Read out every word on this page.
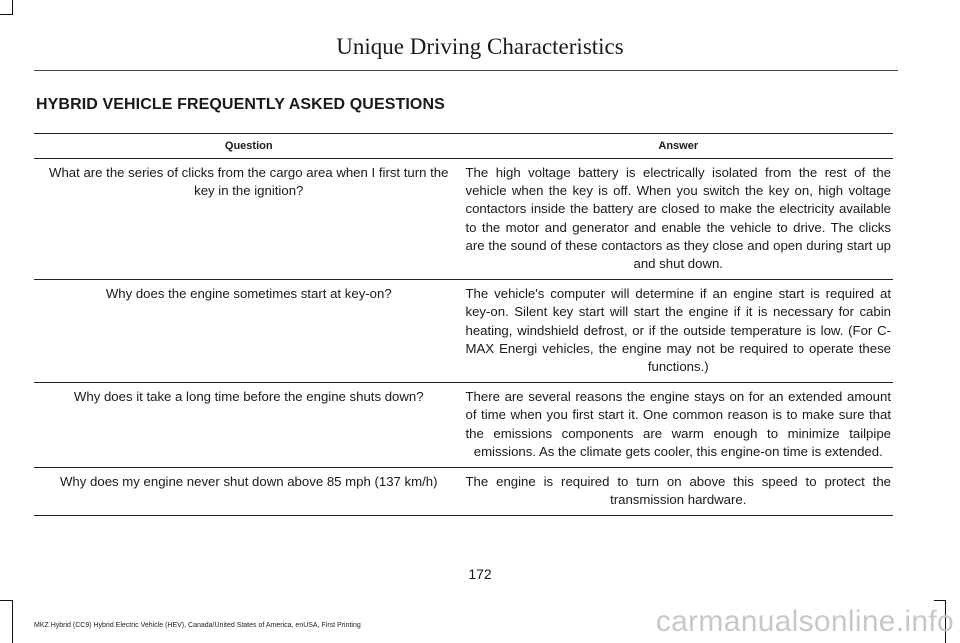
Unique Driving Characteristics
HYBRID VEHICLE FREQUENTLY ASKED QUESTIONS
Question	Answer
What are the series of clicks from the cargo area when I first turn the key in the ignition?	The high voltage battery is electrically isolated from the rest of the vehicle when the key is off. When you switch the key on, high voltage contactors inside the battery are closed to make the electricity available to the motor and generator and enable the vehicle to drive. The clicks are the sound of these contactors as they close and open during start up and shut down.
Why does the engine sometimes start at key-on?	The vehicle's computer will determine if an engine start is required at key-on. Silent key start will start the engine if it is necessary for cabin heating, windshield defrost, or if the outside temperature is low. (For C-MAX Energi vehicles, the engine may not be required to operate these functions.)
Why does it take a long time before the engine shuts down?	There are several reasons the engine stays on for an extended amount of time when you first start it. One common reason is to make sure that the emissions components are warm enough to minimize tailpipe emissions. As the climate gets cooler, this engine-on time is extended.
Why does my engine never shut down above 85 mph (137 km/h)	The engine is required to turn on above this speed to protect the transmission hardware.
172
MKZ Hybrid (CC9) Hybrid Electric Vehicle (HEV), Canada/United States of America, enUSA, First Printing	carmanualsonline.info
